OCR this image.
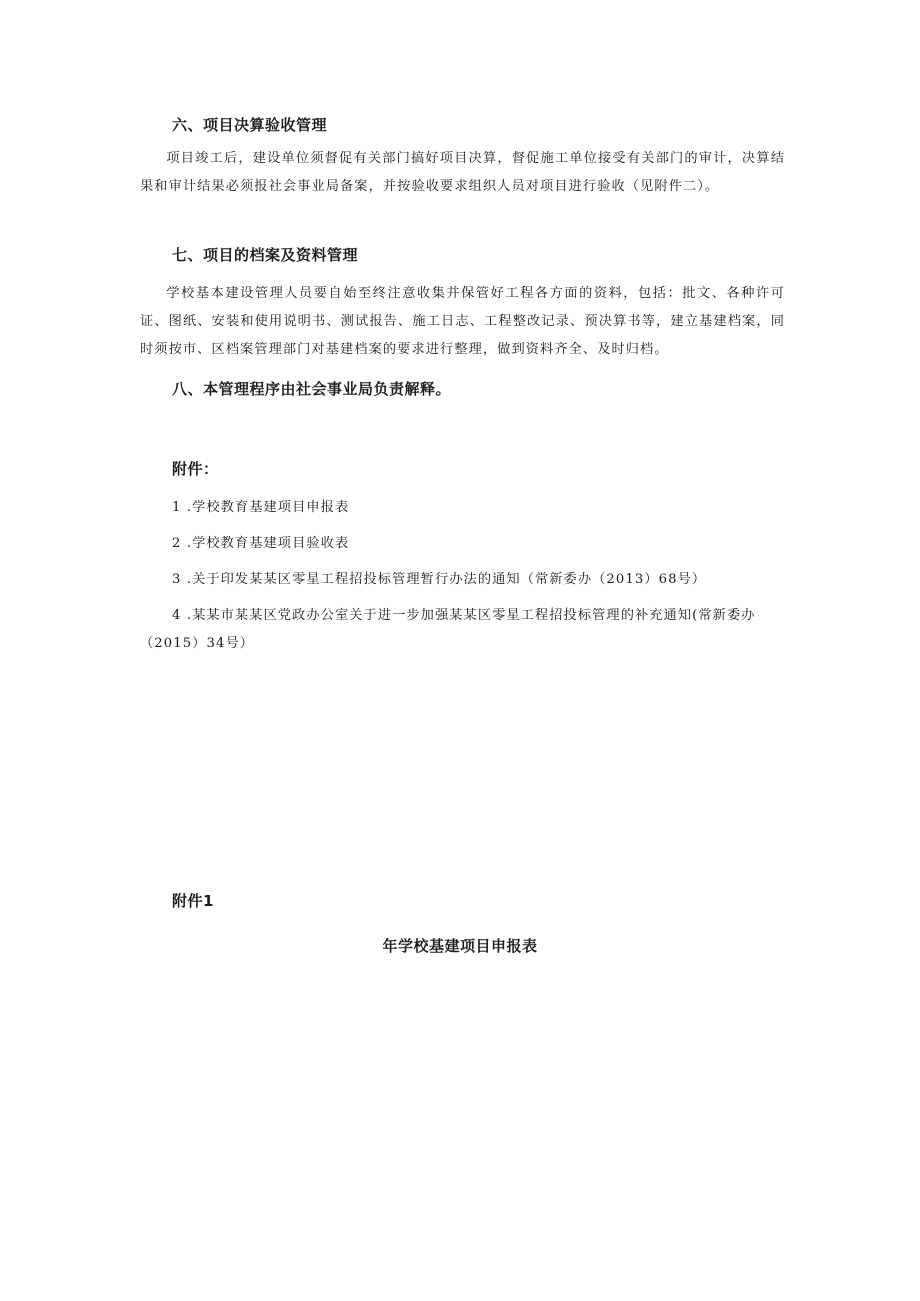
六、项目决算验收管理

项目竣工后，建设单位须督促有关部门搞好项目决算，督促施工单位接受有关部门的审计，决算结果和审计结果必须报社会事业局备案，并按验收要求组织人员对项目进行验收（见附件二）。

七、项目的档案及资料管理

学校基本建设管理人员要自始至终注意收集并保管好工程各方面的资料，包括：批文、各种许可证、图纸、安装和使用说明书、测试报告、施工日志、工程整改记录、预决算书等，建立基建档案，同时须按市、区档案管理部门对基建档案的要求进行整理，做到资料齐全、及时归档。

八、本管理程序由社会事业局负责解释。
附件：

1 .学校教育基建项目申报表

2 .学校教育基建项目验收表

3 .关于印发某某区零星工程招投标管理暂行办法的通知（常新委办（2013）68号）

4 .某某市某某区党政办公室关于进一步加强某某区零星工程招投标管理的补充通知(常新委办（2015）34号）

附件1
年学校基建项目申报表
